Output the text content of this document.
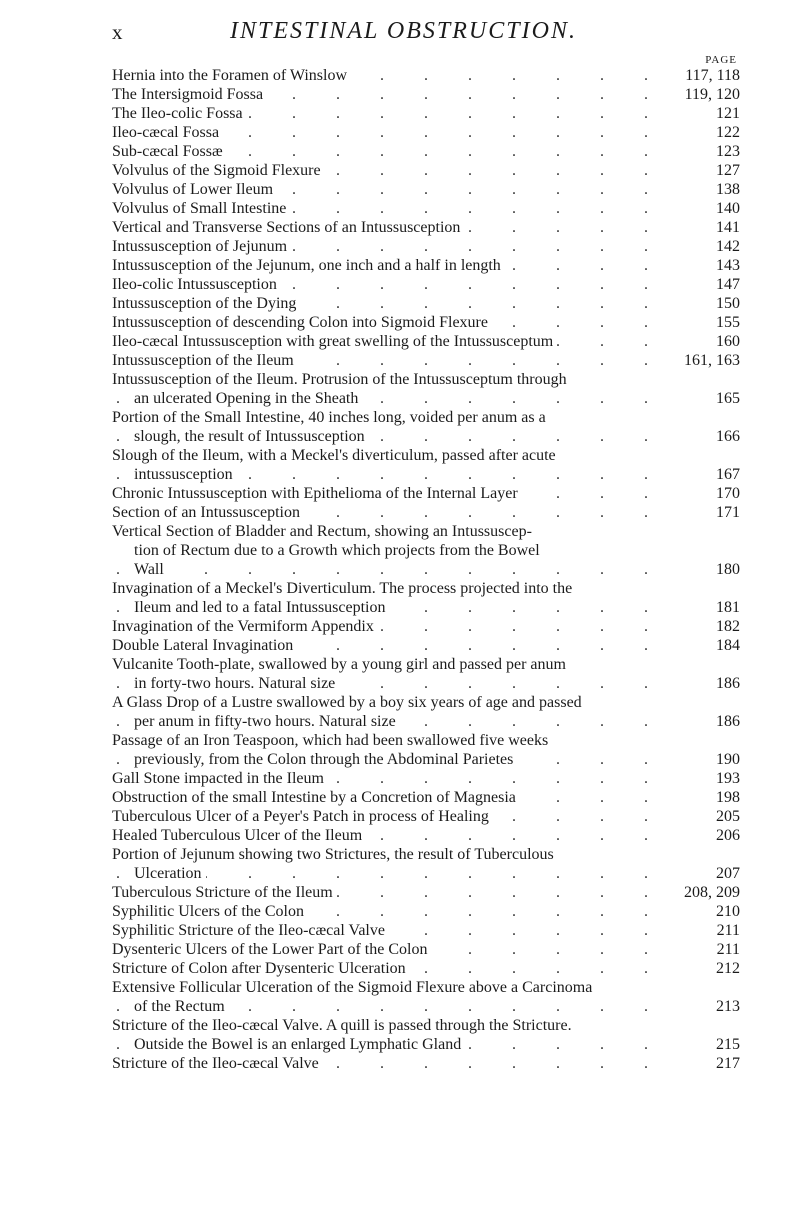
x	INTESTINAL OBSTRUCTION.
PAGE
. . . Hernia into the Foramen of Winslow	117, 118
. . . The Intersigmoid Fossa	119, 120
. . . The Ileo-colic Fossa	121
. . . Ileo-cæcal Fossa	122
. . . Sub-cæcal Fossæ	123
. . . Volvulus of the Sigmoid Flexure	127
. . . Volvulus of Lower Ileum	138
. . . Volvulus of Small Intestine	140
. . . Vertical and Transverse Sections of an Intussusception	141
. . . Intussusception of Jejunum	142
. . . Intussusception of the Jejunum, one inch and a half in length	143
. . . Ileo-colic Intussusception	147
. . . Intussusception of the Dying	150
. . . Intussusception of descending Colon into Sigmoid Flexure	155
. . . Ileo-cæcal Intussusception with great swelling of the Intussusceptum	160
. . . Intussusception of the Ileum	161, 163
Intussusception of the Ileum. Protrusion of the Intussusceptum through
. . . an ulcerated Opening in the Sheath	165
Portion of the Small Intestine, 40 inches long, voided per anum as a
. . . slough, the result of Intussusception	166
Slough of the Ileum, with a Meckel's diverticulum, passed after acute
. . . intussusception	167
. . . Chronic Intussusception with Epithelioma of the Internal Layer	170
. . . Section of an Intussusception	171
Vertical Section of Bladder and Rectum, showing an Intussuscep-
tion of Rectum due to a Growth which projects from the Bowel
. . . Wall	180
Invagination of a Meckel's Diverticulum. The process projected into the
. . . Ileum and led to a fatal Intussusception	181
. . . Invagination of the Vermiform Appendix	182
. . . Double Lateral Invagination	184
Vulcanite Tooth-plate, swallowed by a young girl and passed per anum
. . . in forty-two hours. Natural size	186
A Glass Drop of a Lustre swallowed by a boy six years of age and passed
. . . per anum in fifty-two hours. Natural size	186
Passage of an Iron Teaspoon, which had been swallowed five weeks
. . . previously, from the Colon through the Abdominal Parietes	190
. . . Gall Stone impacted in the Ileum	193
. . . Obstruction of the small Intestine by a Concretion of Magnesia	198
. . . Tuberculous Ulcer of a Peyer's Patch in process of Healing	205
. . . Healed Tuberculous Ulcer of the Ileum	206
Portion of Jejunum showing two Strictures, the result of Tuberculous
. . . Ulceration	207
. . . Tuberculous Stricture of the Ileum	208, 209
. . . Syphilitic Ulcers of the Colon	210
. . . Syphilitic Stricture of the Ileo-cæcal Valve	211
. . . Dysenteric Ulcers of the Lower Part of the Colon	211
. . . Stricture of Colon after Dysenteric Ulceration	212
Extensive Follicular Ulceration of the Sigmoid Flexure above a Carcinoma
. . . of the Rectum	213
Stricture of the Ileo-cæcal Valve. A quill is passed through the Stricture.
. . . Outside the Bowel is an enlarged Lymphatic Gland	215
. . . Stricture of the Ileo-cæcal Valve	217
